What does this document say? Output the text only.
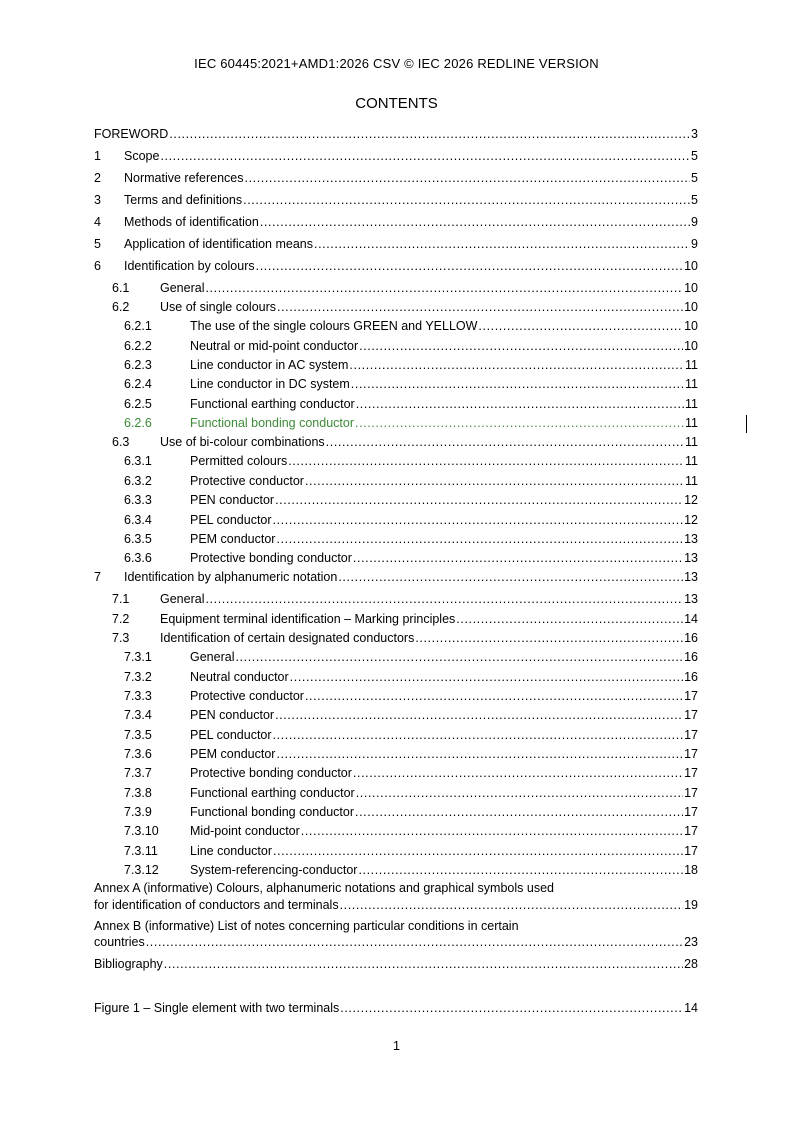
IEC 60445:2021+AMD1:2026 CSV © IEC 2026 REDLINE VERSION
CONTENTS
FOREWORD .....	3
1	Scope .....	5
2	Normative references .....	5
3	Terms and definitions .....	5
4	Methods of identification .....	9
5	Application of identification means .....	9
6	Identification by colours .....	10
6.1	General .....	10
6.2	Use of single colours .....	10
6.2.1	The use of the single colours GREEN and YELLOW .....	10
6.2.2	Neutral or mid-point conductor .....	10
6.2.3	Line conductor in AC system .....	11
6.2.4	Line conductor in DC system .....	11
6.2.5	Functional earthing conductor .....	11
6.2.6	Functional bonding conductor .....	11
6.3	Use of bi-colour combinations .....	11
6.3.1	Permitted colours .....	11
6.3.2	Protective conductor .....	11
6.3.3	PEN conductor .....	12
6.3.4	PEL conductor .....	12
6.3.5	PEM conductor .....	13
6.3.6	Protective bonding conductor .....	13
7	Identification by alphanumeric notation .....	13
7.1	General .....	13
7.2	Equipment terminal identification – Marking principles .....	14
7.3	Identification of certain designated conductors .....	16
7.3.1	General .....	16
7.3.2	Neutral conductor .....	16
7.3.3	Protective conductor .....	17
7.3.4	PEN conductor .....	17
7.3.5	PEL conductor .....	17
7.3.6	PEM conductor .....	17
7.3.7	Protective bonding conductor .....	17
7.3.8	Functional earthing conductor .....	17
7.3.9	Functional bonding conductor .....	17
7.3.10	Mid-point conductor .....	17
7.3.11	Line conductor .....	17
7.3.12	System-referencing-conductor .....	18
Annex A (informative) Colours, alphanumeric notations and graphical symbols used
for identification of conductors and terminals .....	19
Annex B (informative) List of notes concerning particular conditions in certain
countries .....	23
Bibliography .....	28
Figure 1 – Single element with two terminals .....	14
1
